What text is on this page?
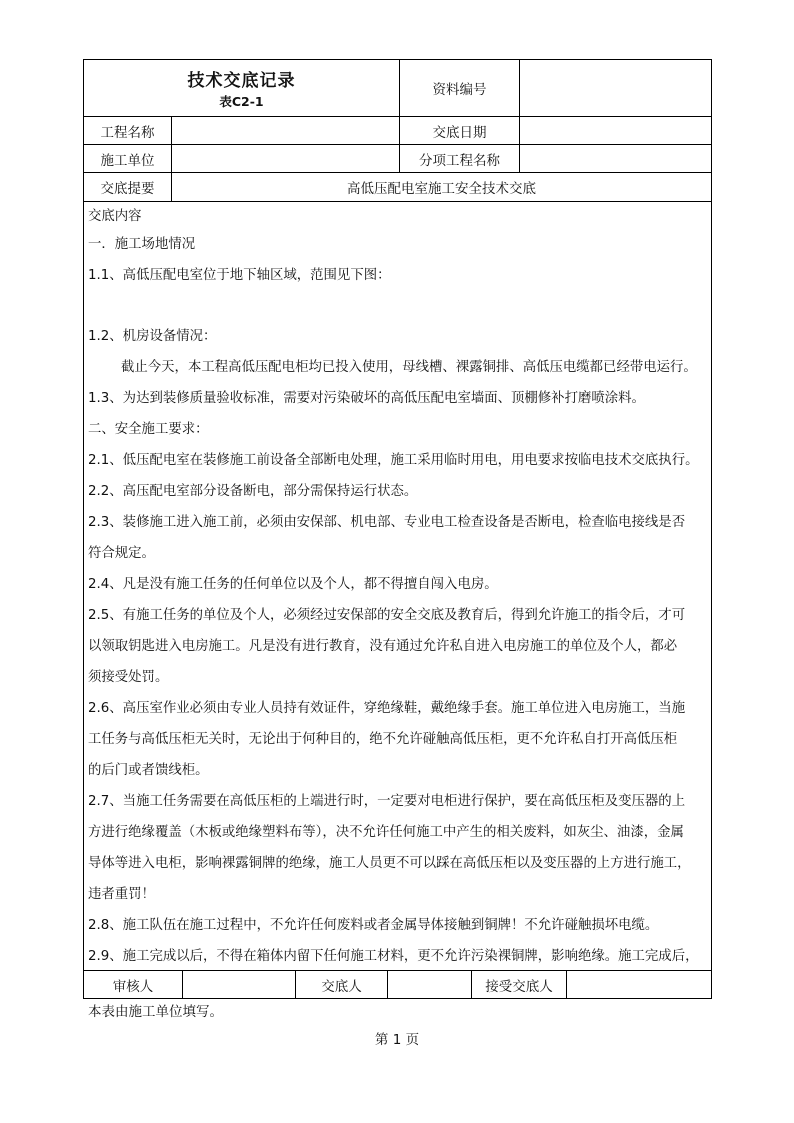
技术交底记录
表C2-1
资料编号
工程名称	交底日期
施工单位	分项工程名称
交底提要	高低压配电室施工安全技术交底
交底内容
一．施工场地情况
1.1、高低压配电室位于地下轴区域，范围见下图：
1.2、机房设备情况：
截止今天，本工程高低压配电柜均已投入使用，母线槽、裸露铜排、高低压电缆都已经带电运行。
1.3、为达到装修质量验收标准，需要对污染破坏的高低压配电室墙面、顶棚修补打磨喷涂料。
二、安全施工要求：
2.1、低压配电室在装修施工前设备全部断电处理，施工采用临时用电，用电要求按临电技术交底执行。
2.2、高压配电室部分设备断电，部分需保持运行状态。
2.3、装修施工进入施工前，必须由安保部、机电部、专业电工检查设备是否断电，检查临电接线是否
符合规定。
2.4、凡是没有施工任务的任何单位以及个人，都不得擅自闯入电房。
2.5、有施工任务的单位及个人，必须经过安保部的安全交底及教育后，得到允许施工的指令后，才可
以领取钥匙进入电房施工。凡是没有进行教育，没有通过允许私自进入电房施工的单位及个人，都必
须接受处罚。
2.6、高压室作业必须由专业人员持有效证件，穿绝缘鞋，戴绝缘手套。施工单位进入电房施工，当施
工任务与高低压柜无关时，无论出于何种目的，绝不允许碰触高低压柜，更不允许私自打开高低压柜
的后门或者馈线柜。
2.7、当施工任务需要在高低压柜的上端进行时，一定要对电柜进行保护，要在高低压柜及变压器的上
方进行绝缘覆盖（木板或绝缘塑料布等），决不允许任何施工中产生的相关废料，如灰尘、油漆，金属
导体等进入电柜，影响裸露铜牌的绝缘，施工人员更不可以踩在高低压柜以及变压器的上方进行施工，
违者重罚！
2.8、施工队伍在施工过程中，不允许任何废料或者金属导体接触到铜牌！不允许碰触损坏电缆。
2.9、施工完成以后，不得在箱体内留下任何施工材料，更不允许污染裸铜牌，影响绝缘。施工完成后，
审核人	交底人	接受交底人
本表由施工单位填写。
第 1 页
